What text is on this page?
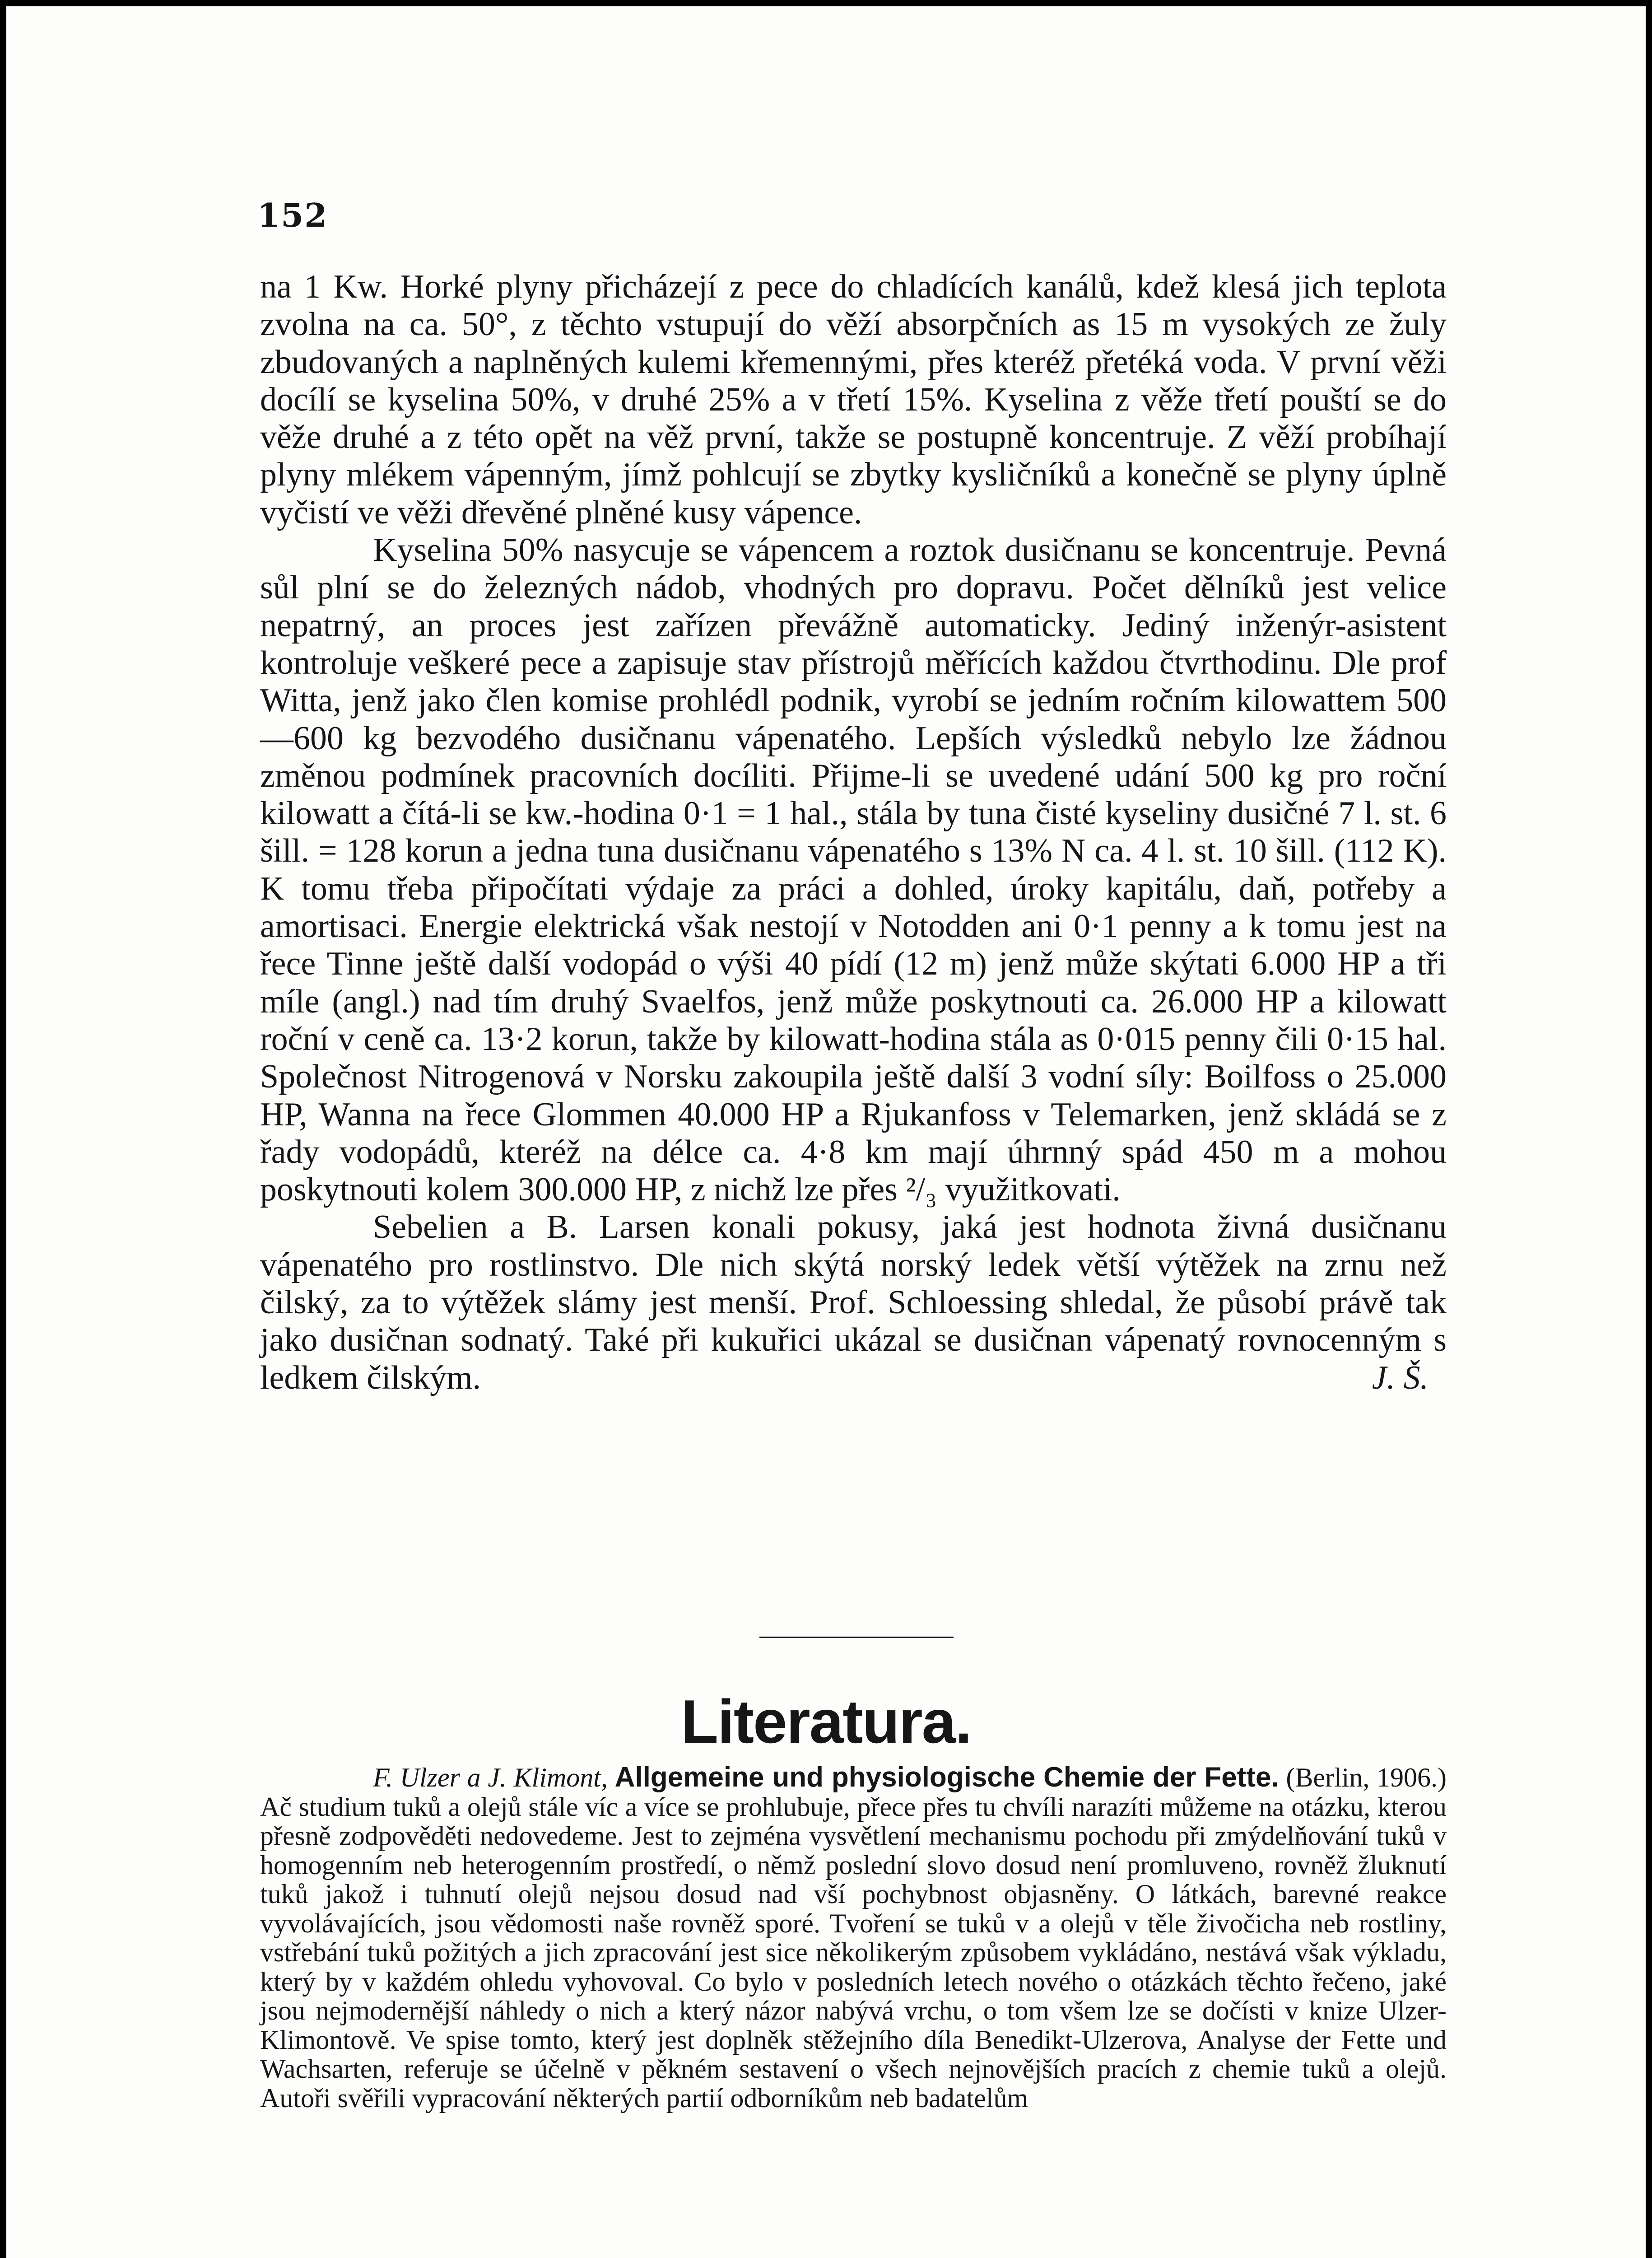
152

na 1 Kw. Horké plyny přicházejí z pece do chladících kanálů, kdež klesá jich teplota zvolna na ca. 50°, z těchto vstupují do věží absorpčních as 15 m vysokých ze žuly zbudovaných a naplněných kulemi křemennými, přes kteréž přetéká voda. V první věži docílí se kyselina 50%, v druhé 25% a v třetí 15%. Kyselina z věže třetí pouští se do věže druhé a z této opět na věž první, takže se postupně koncentruje. Z věží probíhají plyny mlékem vápenným, jímž pohlcují se zbytky kysličníků a konečně se plyny úplně vyčistí ve věži dřevěné plněné kusy vápence.

Kyselina 50% nasycuje se vápencem a roztok dusičnanu se koncentruje. Pevná sůl plní se do železných nádob, vhodných pro dopravu. Počet dělníků jest velice nepatrný, an proces jest zařízen převážně automaticky. Jediný inženýr-asistent kontroluje veškeré pece a zapisuje stav přístrojů měřících každou čtvrthodinu. Dle prof Witta, jenž jako člen komise prohlédl podnik, vyrobí se jedním ročním kilowattem 500—600 kg bezvodého dusičnanu vápenatého. Lepších výsledků nebylo lze žádnou změnou podmínek pracovních docíliti. Přijme-li se uvedené udání 500 kg pro roční kilowatt a čítá-li se kw.-hodina 0·1 = 1 hal., stála by tuna čisté kyseliny dusičné 7 l. st. 6 šill. = 128 korun a jedna tuna dusičnanu vápenatého s 13% N ca. 4 l. st. 10 šill. (112 K). K tomu třeba připočítati výdaje za práci a dohled, úroky kapitálu, daň, potřeby a amortisaci. Energie elektrická však nestojí v Notodden ani 0·1 penny a k tomu jest na řece Tinne ještě další vodopád o výši 40 pídí (12 m) jenž může skýtati 6.000 HP a tři míle (angl.) nad tím druhý Svaelfos, jenž může poskytnouti ca. 26.000 HP a kilowatt roční v ceně ca. 13·2 korun, takže by kilowatt-hodina stála as 0·015 penny čili 0·15 hal. Společnost Nitrogenová v Norsku zakoupila ještě další 3 vodní síly: Boilfoss o 25.000 HP, Wanna na řece Glommen 40.000 HP a Rjukanfoss v Telemarken, jenž skládá se z řady vodopádů, kteréž na délce ca. 4·8 km mají úhrnný spád 450 m a mohou poskytnouti kolem 300.000 HP, z nichž lze přes ²/₃ využitkovati.

Sebelien a B. Larsen konali pokusy, jaká jest hodnota živná dusičnanu vápenatého pro rostlinstvo. Dle nich skýtá norský ledek větší výtěžek na zrnu než čilský, za to výtěžek slámy jest menší. Prof. Schloessing shledal, že působí právě tak jako dusičnan sodnatý. Také při kukuřici ukázal se dusičnan vápenatý rovnocenným s ledkem čilským.	J. Š.

Literatura.

F. Ulzer a J. Klimont, Allgemeine und physiologische Chemie der Fette. (Berlin, 1906.) Ač studium tuků a olejů stále víc a více se prohlubuje, přece přes tu chvíli narazíti můžeme na otázku, kterou přesně zodpověděti nedovedeme. Jest to zejména vysvětlení mechanismu pochodu při zmýdelňování tuků v homogenním neb heterogenním prostředí, o němž poslední slovo dosud není promluveno, rovněž žluknutí tuků jakož i tuhnutí olejů nejsou dosud nad vší pochybnost objasněny. O látkách, barevné reakce vyvolávajících, jsou vědomosti naše rovněž sporé. Tvoření se tuků v a olejů v těle živočicha neb rostliny, vstřebání tuků požitých a jich zpracování jest sice několikerým způsobem vykládáno, nestává však výkladu, který by v každém ohledu vyhovoval. Co bylo v posledních letech nového o otázkách těchto řečeno, jaké jsou nejmodernější náhledy o nich a který názor nabývá vrchu, o tom všem lze se dočísti v knize Ulzer-Klimontově. Ve spise tomto, který jest doplněk stěžejního díla Benedikt-Ulzerova, Analyse der Fette und Wachsarten, referuje se účelně v pěkném sestavení o všech nejnovějších pracích z chemie tuků a olejů. Autoři svěřili vypracování některých partií odborníkům neb badatelům
